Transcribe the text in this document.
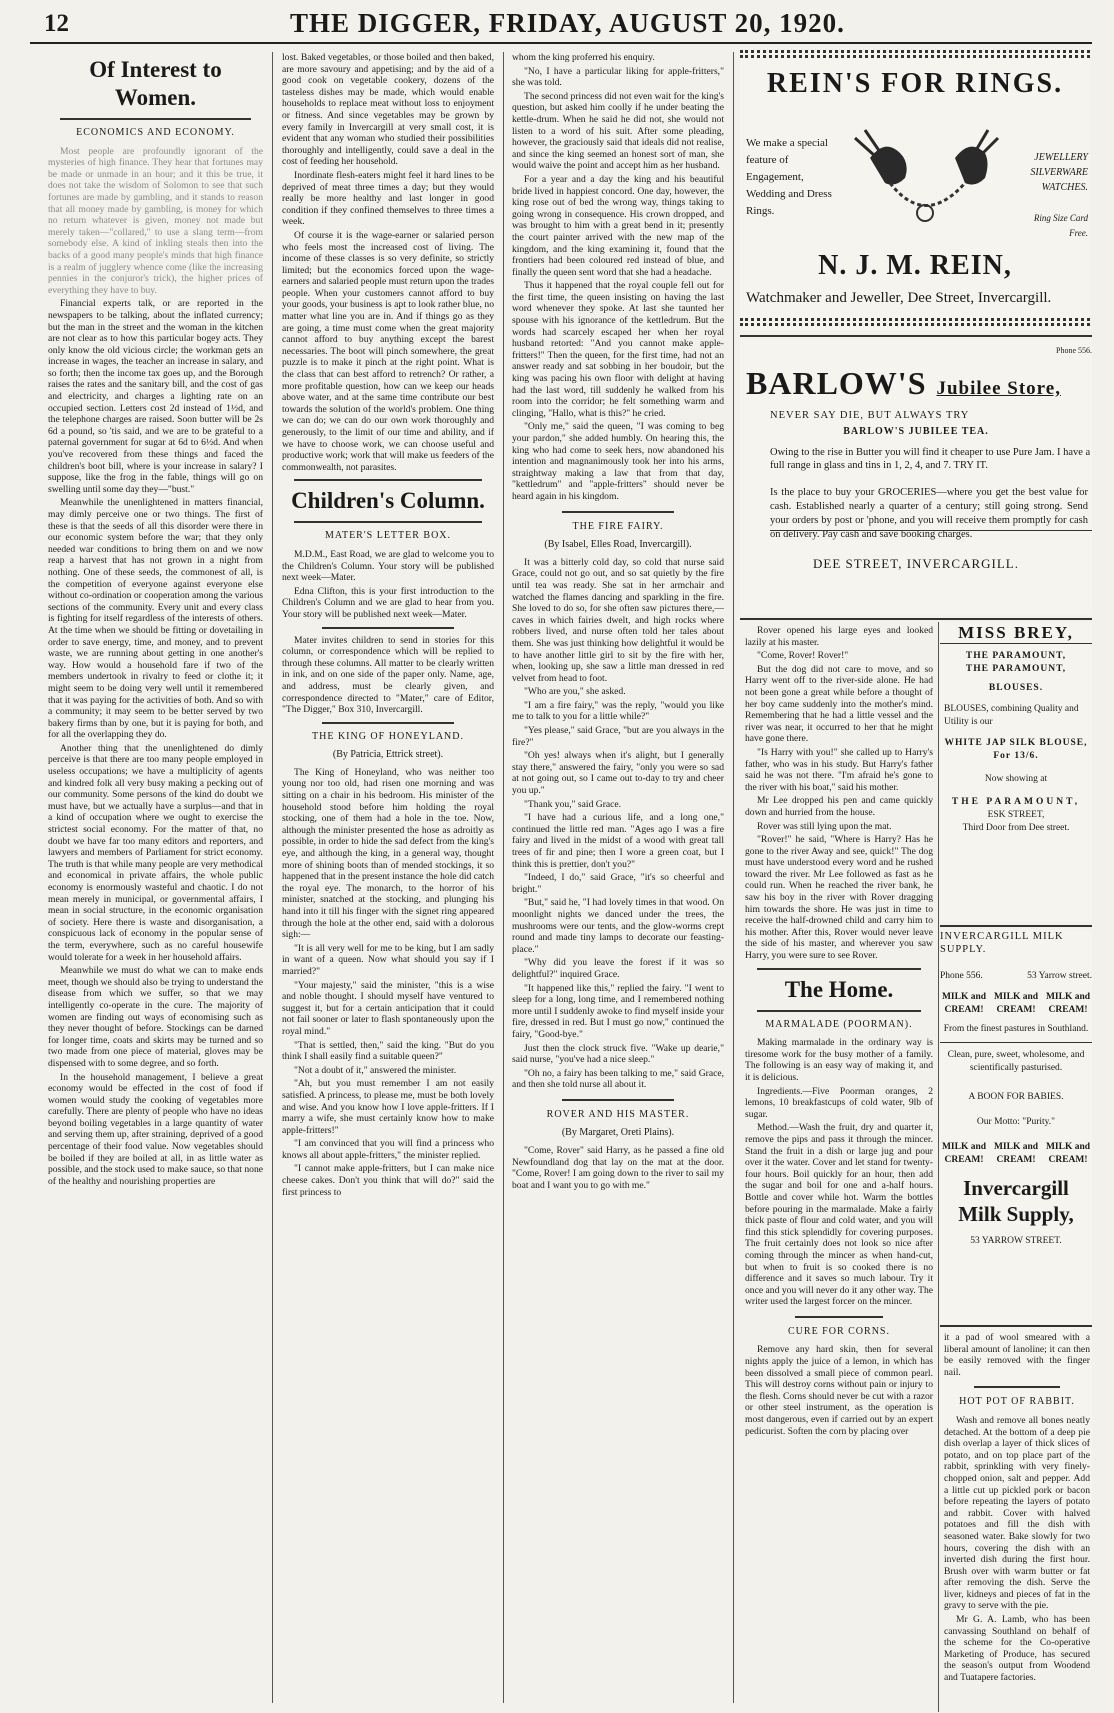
12	THE DIGGER, FRIDAY, AUGUST 20, 1920.
Of Interest to Women.
ECONOMICS AND ECONOMY.

Most people are profoundly ignorant of the mysteries of high finance. They hear that fortunes may be made or unmade in an hour; and it this be true, it does not take the wisdom of Solomon to see that such fortunes are made by gambling, and it stands to reason that all money made by gambling, is money for which no return whatever is given, money not made but merely taken—"collared," to use a slang term—from somebody else. A kind of inkling steals then into the backs of a good many people's minds that high finance is a realm of jugglery whence come (like the increasing pennies in the conjuror's trick), the higher prices of everything they have to buy.

Financial experts talk, or are reported in the newspapers to be talking, about the inflated currency; but the man in the street and the woman in the kitchen are not clear as to how this particular bogey acts. They only know the old vicious circle; the workman gets an increase in wages, the teacher an increase in salary, and so forth; then the income tax goes up, and the Borough raises the rates and the sanitary bill, and the cost of gas and electricity, and charges a lighting rate on an occupied section. Letters cost 2d instead of 1½d, and the telephone charges are raised. Soon butter will be 2s 6d a pound, so 'tis said, and we are to be grateful to a paternal government for sugar at 6d to 6½d. And when you've recovered from these things and faced the children's boot bill, where is your increase in salary? I suppose, like the frog in the fable, things will go on swelling until some day they—"bust."

Meanwhile the unenlightened in matters financial, may dimly perceive one or two things. The first of these is that the seeds of all this disorder were there in our economic system before the war; that they only needed war conditions to bring them on and we now reap a harvest that has not grown in a night from nothing. One of these seeds, the commonest of all, is the competition of everyone against everyone else without co-ordination or cooperation among the various sections of the community. Every unit and every class is fighting for itself regardless of the interests of others. At the time when we should be fitting or dovetailing in order to save energy, time, and money, and to prevent waste, we are running about getting in one another's way. How would a household fare if two of the members undertook in rivalry to feed or clothe it; it might seem to be doing very well until it remembered that it was paying for the activities of both. And so with a community; it may seem to be better served by two bakery firms than by one, but it is paying for both, and for all the overlapping they do.

Another thing that the unenlightened do dimly perceive is that there are too many people employed in useless occupations; we have a multiplicity of agents and kindred folk all very busy making a pecking out of our community. Some persons of the kind do doubt we must have, but we actually have a surplus—and that in a kind of occupation where we ought to exercise the strictest social economy. For the matter of that, no doubt we have far too many editors and reporters, and lawyers and members of Parliament for strict economy. The truth is that while many people are very methodical and economical in private affairs, the whole public economy is enormously wasteful and chaotic. I do not mean merely in municipal, or governmental affairs, I mean in social structure, in the economic organisation of society. Here there is waste and disorganisation, a conspicuous lack of economy in the popular sense of the term, everywhere, such as no careful housewife would tolerate for a week in her household affairs.

Meanwhile we must do what we can to make ends meet, though we should also be trying to understand the disease from which we suffer, so that we may intelligently co-operate in the cure. The majority of women are finding out ways of economising such as they never thought of before. Stockings can be darned for longer time, coats and skirts may be turned and so two made from one piece of material, gloves may be dispensed with to some degree, and so forth.

In the household management, I believe a great economy would be effected in the cost of food if women would study the cooking of vegetables more carefully. There are plenty of people who have no ideas beyond boiling vegetables in a large quantity of water and serving them up, after straining, deprived of a good percentage of their food value. Now vegetables should be boiled if they are boiled at all, in as little water as possible, and the stock used to make sauce, so that none of the healthy and nourishing properties are

lost. Baked vegetables, or those boiled and then baked, are more savoury and appetising; and by the aid of a good cook on vegetable cookery, dozens of the tasteless dishes may be made, which would enable households to replace meat without loss to enjoyment or fitness. And since vegetables may be grown by every family in Invercargill at very small cost, it is evident that any woman who studied their possibilities thoroughly and intelligently, could save a deal in the cost of feeding her household.

Inordinate flesh-eaters might feel it hard lines to be deprived of meat three times a day; but they would really be more healthy and last longer in good condition if they confined themselves to three times a week.

Of course it is the wage-earner or salaried person who feels most the increased cost of living. The income of these classes is so very definite, so strictly limited; but the economics forced upon the wage-earners and salaried people must return upon the trades people. When your customers cannot afford to buy your goods, your business is apt to look rather blue, no matter what line you are in. And if things go as they are going, a time must come when the great majority cannot afford to buy anything except the barest necessaries. The boot will pinch somewhere, the great puzzle is to make it pinch at the right point. What is the class that can best afford to retrench? Or rather, a more profitable question, how can we keep our heads above water, and at the same time contribute our best towards the solution of the world's problem. One thing we can do; we can do our own work thoroughly and generously, to the limit of our time and ability, and if we have to choose work, we can choose useful and productive work; work that will make us feeders of the commonwealth, not parasites.

Children's Column.
MATER'S LETTER BOX.

M.D.M., East Road, we are glad to welcome you to the Children's Column. Your story will be published next week—Mater.

Edna Clifton, this is your first introduction to the Children's Column and we are glad to hear from you. Your story will be published next week—Mater.

Mater invites children to send in stories for this column, or correspondence which will be replied to through these columns. All matter to be clearly written in ink, and on one side of the paper only. Name, age, and address, must be clearly given, and correspondence directed to "Mater," care of Editor, "The Digger," Box 310, Invercargill.

THE KING OF HONEYLAND.
(By Patricia, Ettrick street).

The King of Honeyland, who was neither too young nor too old, had risen one morning and was sitting on a chair in his bedroom. His minister of the household stood before him holding the royal stocking, one of them had a hole in the toe. Now, although the minister presented the hose as adroitly as possible, in order to hide the sad defect from the king's eye, and although the king, in a general way, thought more of shining boots than of mended stockings, it so happened that in the present instance the hole did catch the royal eye. The monarch, to the horror of his minister, snatched at the stocking, and plunging his hand into it till his finger with the signet ring appeared through the hole at the other end, said with a dolorous sigh:—

"It is all very well for me to be king, but I am sadly in want of a queen. Now what should you say if I married?"

"Your majesty," said the minister, "this is a wise and noble thought. I should myself have ventured to suggest it, but for a certain anticipation that it could not fail sooner or later to flash spontaneously upon the royal mind."

"That is settled, then," said the king. "But do you think I shall easily find a suitable queen?"

"Not a doubt of it," answered the minister.

"Ah, but you must remember I am not easily satisfied. A princess, to please me, must be both lovely and wise. And you know how I love apple-fritters. If I marry a wife, she must certainly know how to make apple-fritters!"

"I am convinced that you will find a princess who knows all about apple-fritters," the minister replied.

"I cannot make apple-fritters, but I can make nice cheese cakes. Don't you think that will do?" said the first princess to

whom the king proferred his enquiry.

"No, I have a particular liking for apple-fritters," she was told.

The second princess did not even wait for the king's question, but asked him coolly if he under beating the kettle-drum. When he said he did not, she would not listen to a word of his suit. After some pleading, however, the graciously said that ideals did not realise, and since the king seemed an honest sort of man, she would waive the point and accept him as her husband.

For a year and a day the king and his beautiful bride lived in happiest concord. One day, however, the king rose out of bed the wrong way, things taking to going wrong in consequence. His crown dropped, and was brought to him with a great bend in it; presently the court painter arrived with the new map of the kingdom, and the king examining it, found that the frontiers had been coloured red instead of blue, and finally the queen sent word that she had a headache.

Thus it happened that the royal couple fell out for the first time, the queen insisting on having the last word whenever they spoke. At last she taunted her spouse with his ignorance of the kettledrum. But the words had scarcely escaped her when her royal husband retorted: "And you cannot make apple-fritters!" Then the queen, for the first time, had not an answer ready and sat sobbing in her boudoir, but the king was pacing his own floor with delight at having had the last word, till suddenly he walked from his room into the corridor; he felt something warm and clinging, "Hallo, what is this?" he cried.

"Only me," said the queen, "I was coming to beg your pardon," she added humbly. On hearing this, the king who had come to seek hers, now abandoned his intention and magnanimously took her into his arms, straightway making a law that from that day, "kettledrum" and "apple-fritters" should never be heard again in his kingdom.

THE FIRE FAIRY.
(By Isabel, Elles Road, Invercargill).

It was a bitterly cold day, so cold that nurse said Grace, could not go out, and so sat quietly by the fire until tea was ready. She sat in her armchair and watched the flames dancing and sparkling in the fire. She loved to do so, for she often saw pictures there,—caves in which fairies dwelt, and high rocks where robbers lived, and nurse often told her tales about them. She was just thinking how delightful it would be to have another little girl to sit by the fire with her, when, looking up, she saw a little man dressed in red velvet from head to foot.

"Who are you," she asked.

"I am a fire fairy," was the reply, "would you like me to talk to you for a little while?"

"Yes please," said Grace, "but are you always in the fire?"

"Oh yes! always when it's alight, but I generally stay there," answered the fairy, "only you were so sad at not going out, so I came out to-day to try and cheer you up."

"Thank you," said Grace.

"I have had a curious life, and a long one," continued the little red man. "Ages ago I was a fire fairy and lived in the midst of a wood with great tall trees of fir and pine; then I wore a green coat, but I think this is prettier, don't you?"

"Indeed, I do," said Grace, "it's so cheerful and bright."

"But," said he, "I had lovely times in that wood. On moonlight nights we danced under the trees, the mushrooms were our tents, and the glow-worms crept round and made tiny lamps to decorate our feasting-place."

"Why did you leave the forest if it was so delightful?" inquired Grace.

"It happened like this," replied the fairy. "I went to sleep for a long, long time, and I remembered nothing more until I suddenly awoke to find myself inside your fire, dressed in red. But I must go now," continued the fairy, "Good-bye."

Just then the clock struck five. "Wake up dearie," said nurse, "you've had a nice sleep."

"Oh no, a fairy has been talking to me," said Grace, and then she told nurse all about it.

ROVER AND HIS MASTER.
(By Margaret, Oreti Plains).

"Come, Rover" said Harry, as he passed a fine old Newfoundland dog that lay on the mat at the door. "Come, Rover! I am going down to the river to sail my boat and I want you to go with me."

REIN'S FOR RINGS.
We make a special feature of Engagement, Wedding and Dress Rings.
JEWELLERY SILVERWARE WATCHES.
Ring Size Card Free.
N. J. M. REIN,
Watchmaker and Jeweller, Dee Street, Invercargill.
Phone 556.
BARLOW'S Jubilee Store,
NEVER SAY DIE, BUT ALWAYS TRY
BARLOW'S JUBILEE TEA.
Owing to the rise in Butter you will find it cheaper to use Pure Jam. I have a full range in glass and tins in 1, 2, 4, and 7. TRY IT.
Is the place to buy your GROCERIES—where you get the best value for cash. Established nearly a quarter of a century; still going strong. Send your orders by post or 'phone, and you will receive them promptly for cash on delivery. Pay cash and save booking charges.
DEE STREET, INVERCARGILL.

Rover opened his large eyes and looked lazily at his master.

"Come, Rover! Rover!"

But the dog did not care to move, and so Harry went off to the river-side alone. He had not been gone a great while before a thought of her boy came suddenly into the mother's mind. Remembering that he had a little vessel and the river was near, it occurred to her that he might have gone there.

"Is Harry with you!" she called up to Harry's father, who was in his study. But Harry's father said he was not there. "I'm afraid he's gone to the river with his boat," said his mother.

Mr Lee dropped his pen and came quickly down and hurried from the house.

Rover was still lying upon the mat.

"Rover!" he said, "Where is Harry? Has he gone to the river Away and see, quick!" The dog must have understood every word and he rushed toward the river. Mr Lee followed as fast as he could run. When he reached the river bank, he saw his boy in the river with Rover dragging him towards the shore. He was just in time to receive the half-drowned child and carry him to his mother. After this, Rover would never leave the side of his master, and wherever you saw Harry, you were sure to see Rover.

The Home.
MARMALADE (POORMAN).

Making marmalade in the ordinary way is tiresome work for the busy mother of a family. The following is an easy way of making it, and it is delicious.

Ingredients.—Five Poorman oranges, 2 lemons, 10 breakfastcups of cold water, 9lb of sugar.

Method.—Wash the fruit, dry and quarter it, remove the pips and pass it through the mincer. Stand the fruit in a dish or large jug and pour over it the water. Cover and let stand for twenty-four hours. Boil quickly for an hour, then add the sugar and boil for one and a-half hours. Bottle and cover while hot. Warm the bottles before pouring in the marmalade. Make a fairly thick paste of flour and cold water, and you will find this stick splendidly for covering purposes. The fruit certainly does not look so nice after coming through the mincer as when hand-cut, but when to fruit is so cooked there is no difference and it saves so much labour. Try it once and you will never do it any other way. The writer used the largest forcer on the mincer.

CURE FOR CORNS.

Remove any hard skin, then for several nights apply the juice of a lemon, in which has been dissolved a small piece of common pearl. This will destroy corns without pain or injury to the flesh. Corns should never be cut with a razor or other steel instrument, as the operation is most dangerous, even if carried out by an expert pedicurist. Soften the corn by placing over

MISS BREY,
THE PARAMOUNT,
THE PARAMOUNT,
BLOUSES.
BLOUSES, combining Quality and Utility is our
WHITE JAP SILK BLOUSE, For 13/6.
Now showing at
THE PARAMOUNT,
ESK STREET,
Third Door from Dee street.
INVERCARGILL MILK SUPPLY.
Phone 556.	53 Yarrow street.
MILK and CREAM!
MILK and CREAM!
MILK and CREAM!
From the finest pastures in Southland.
Clean, pure, sweet, wholesome, and scientifically pasturised.
A BOON FOR BABIES.
Our Motto: "Purity."
MILK and CREAM!
MILK and CREAM!
MILK and CREAM!
Invercargill Milk Supply,
53 YARROW STREET.

it a pad of wool smeared with a liberal amount of lanoline; it can then be easily removed with the finger nail.

HOT POT OF RABBIT.

Wash and remove all bones neatly detached. At the bottom of a deep pie dish overlap a layer of thick slices of potato, and on top place part of the rabbit, sprinkling with very finely-chopped onion, salt and pepper. Add a little cut up pickled pork or bacon before repeating the layers of potato and rabbit. Cover with halved potatoes and fill the dish with seasoned water. Bake slowly for two hours, covering the dish with an inverted dish during the first hour. Brush over with warm butter or fat after removing the dish. Serve the liver, kidneys and pieces of fat in the gravy to serve with the pie.

Mr G. A. Lamb, who has been canvassing Southland on behalf of the scheme for the Co-operative Marketing of Produce, has secured the season's output from Woodend and Tuatapere factories.
